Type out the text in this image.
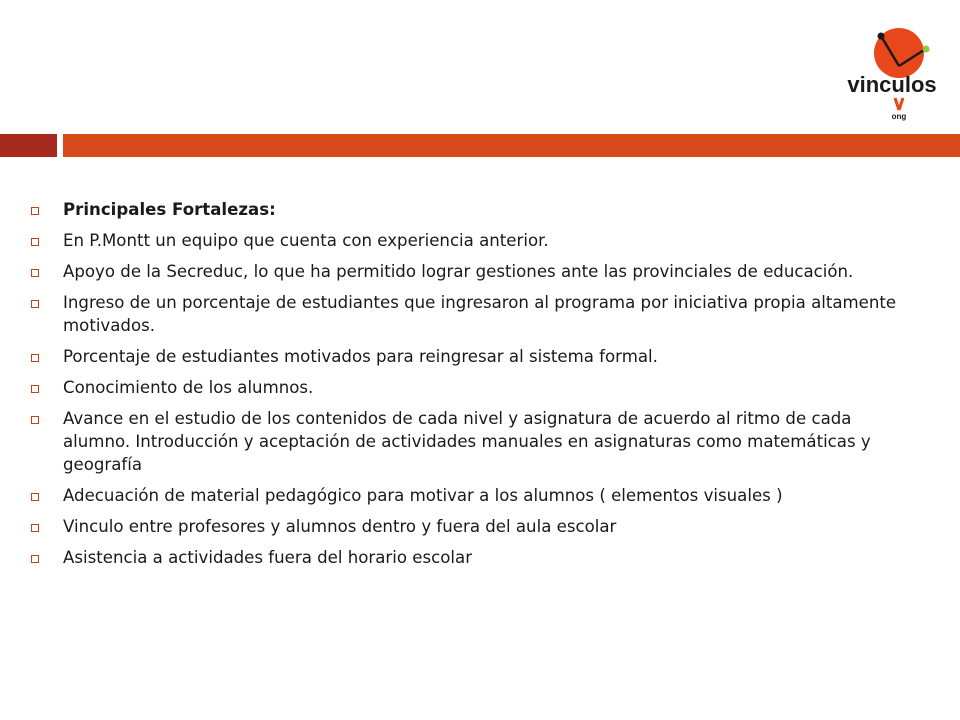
vinculos
ong
Principales Fortalezas:
En P.Montt un equipo que cuenta con experiencia anterior.
Apoyo de la Secreduc, lo que ha permitido lograr gestiones ante las provinciales de educación.
Ingreso de un porcentaje de estudiantes que ingresaron al programa por iniciativa propia altamente motivados.
Porcentaje de estudiantes motivados para reingresar al sistema formal.
Conocimiento de los alumnos.
Avance en el estudio de los contenidos de cada nivel y asignatura de acuerdo al ritmo de cada alumno. Introducción y aceptación de actividades manuales en asignaturas como matemáticas y geografía
Adecuación de material pedagógico para motivar a los alumnos ( elementos visuales )
Vinculo entre profesores y alumnos dentro y fuera del aula escolar
Asistencia a actividades fuera del horario escolar
